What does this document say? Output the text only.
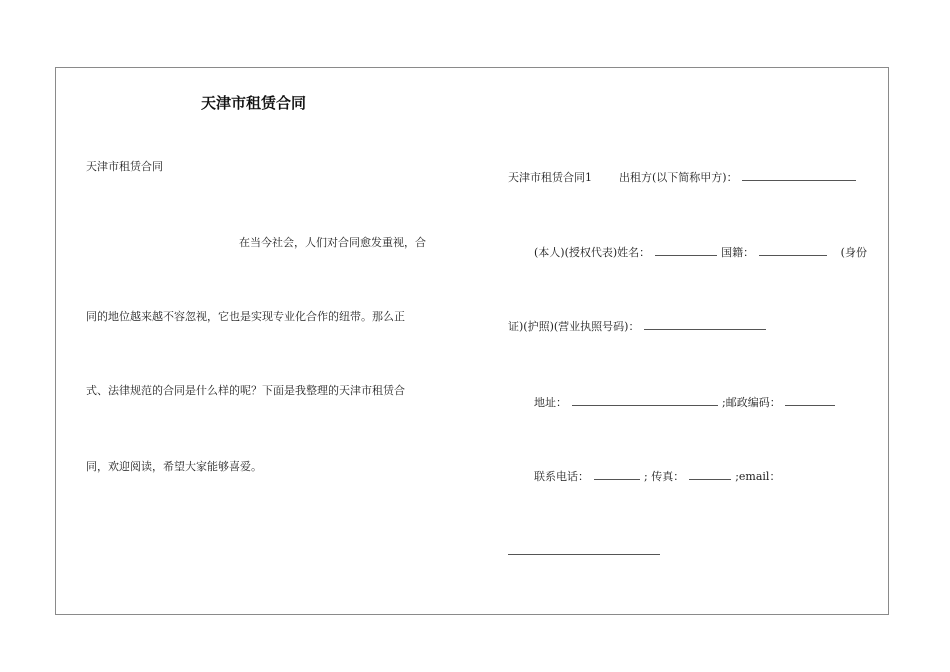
天津市租赁合同
天津市租赁合同
在当今社会，人们对合同愈发重视，合
同的地位越来越不容忽视，它也是实现专业化合作的纽带。那么正
式、法律规范的合同是什么样的呢？下面是我整理的天津市租赁合
同，欢迎阅读，希望大家能够喜爱。
天津市租赁合同1 出租方(以下简称甲方)：
(本人)(授权代表)姓名：	国籍：	(身份
证)(护照)(营业执照号码)：
地址：	;邮政编码：
联系电话：	; 传真：	;email：
